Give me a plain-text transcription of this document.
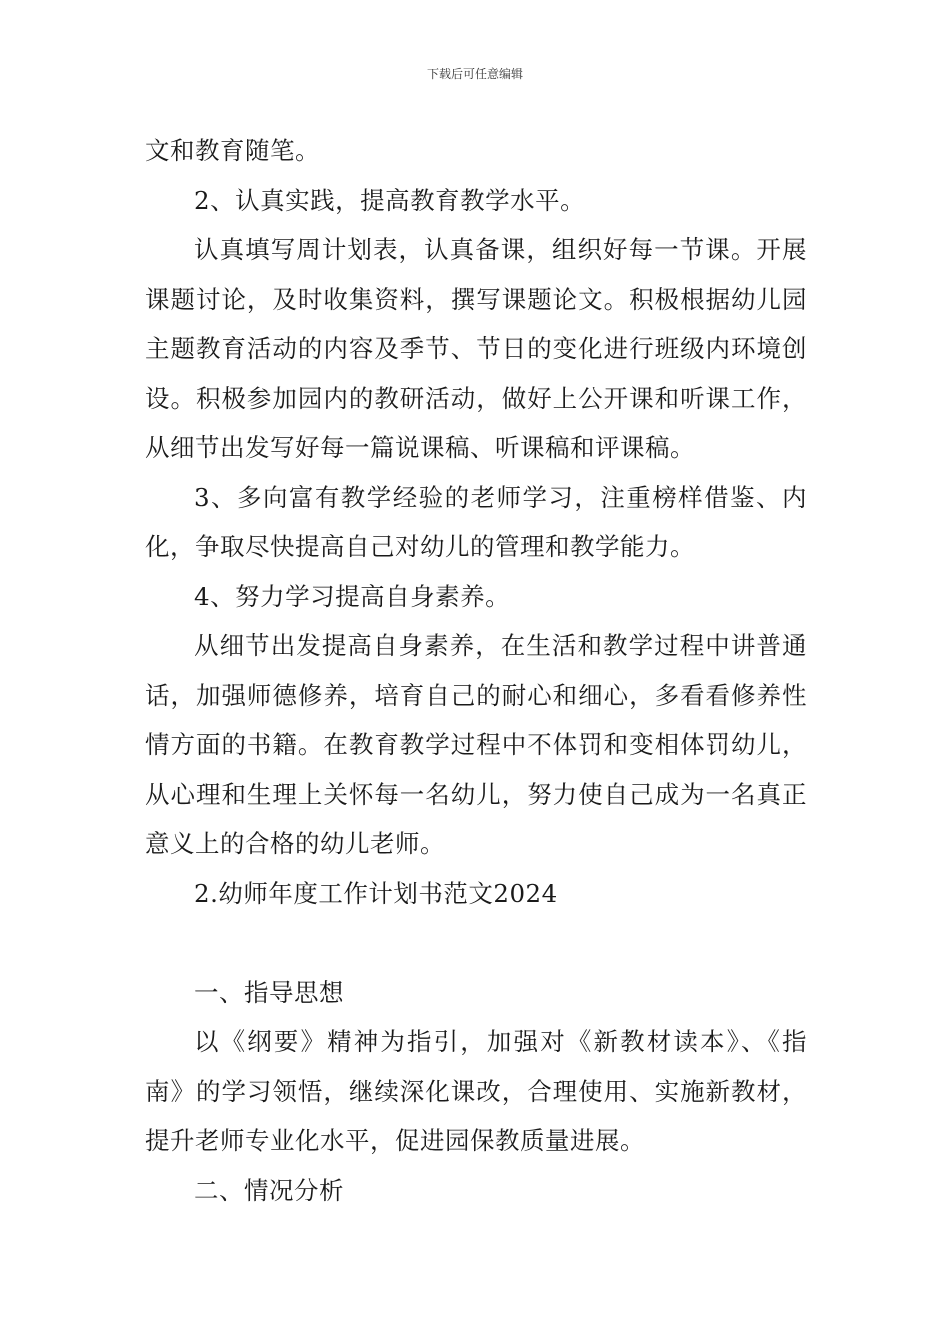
下载后可任意编辑

文和教育随笔。

2、认真实践，提高教育教学水平。

认真填写周计划表，认真备课，组织好每一节课。开展课题讨论，及时收集资料，撰写课题论文。积极根据幼儿园主题教育活动的内容及季节、节日的变化进行班级内环境创设。积极参加园内的教研活动，做好上公开课和听课工作，从细节出发写好每一篇说课稿、听课稿和评课稿。

3、多向富有教学经验的老师学习，注重榜样借鉴、内化，争取尽快提高自己对幼儿的管理和教学能力。

4、努力学习提高自身素养。

从细节出发提高自身素养，在生活和教学过程中讲普通话，加强师德修养，培育自己的耐心和细心，多看看修养性情方面的书籍。在教育教学过程中不体罚和变相体罚幼儿，从心理和生理上关怀每一名幼儿，努力使自己成为一名真正意义上的合格的幼儿老师。

2.幼师年度工作计划书范文2024

一、指导思想

以《纲要》精神为指引，加强对《新教材读本》、《指南》的学习领悟，继续深化课改，合理使用、实施新教材，提升老师专业化水平，促进园保教质量进展。

二、情况分析
